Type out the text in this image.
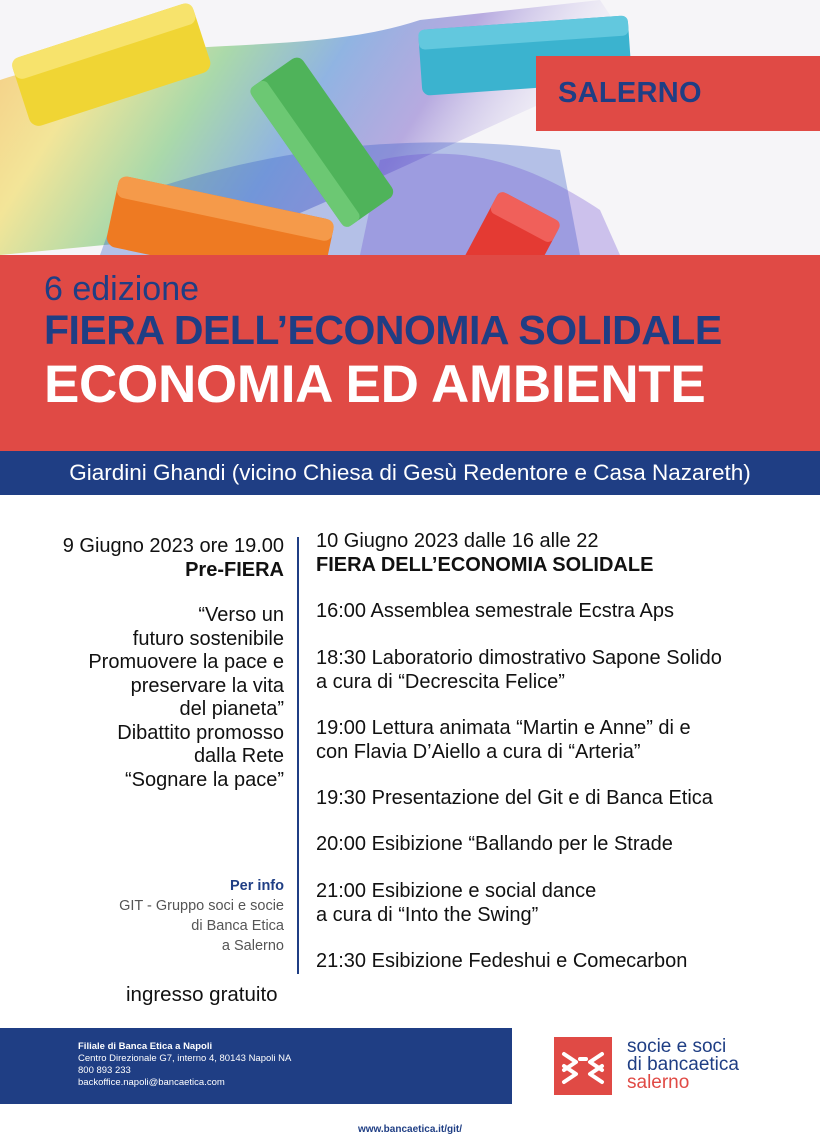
SALERNO
6 edizione
FIERA DELL’ECONOMIA SOLIDALE
ECONOMIA ED AMBIENTE
Giardini Ghandi (vicino Chiesa di Gesù Redentore e Casa Nazareth)
9 Giugno 2023 ore 19.00
Pre-FIERA
“Verso un
futuro sostenibile
Promuovere la pace e
preservare la vita
del pianeta”
Dibattito promosso
dalla Rete
“Sognare la pace”
Per info
GIT - Gruppo soci e socie
di Banca Etica
a Salerno
ingresso gratuito
10 Giugno 2023 dalle 16 alle 22
FIERA DELL’ECONOMIA SOLIDALE
16:00 Assemblea semestrale Ecstra Aps
18:30 Laboratorio dimostrativo Sapone Solido
a cura di “Decrescita Felice”
19:00 Lettura animata “Martin e Anne” di e
con Flavia D’Aiello a cura di “Arteria”
19:30 Presentazione del Git e di Banca Etica
20:00 Esibizione “Ballando per le Strade
21:00 Esibizione e social dance
a cura di “Into the Swing”
21:30 Esibizione Fedeshui e Comecarbon
Filiale di Banca Etica a Napoli
Centro Direzionale G7, interno 4, 80143 Napoli NA
800 893 233
backoffice.napoli@bancaetica.com
socie e soci
di bancaetica
salerno
www.bancaetica.it/git/
